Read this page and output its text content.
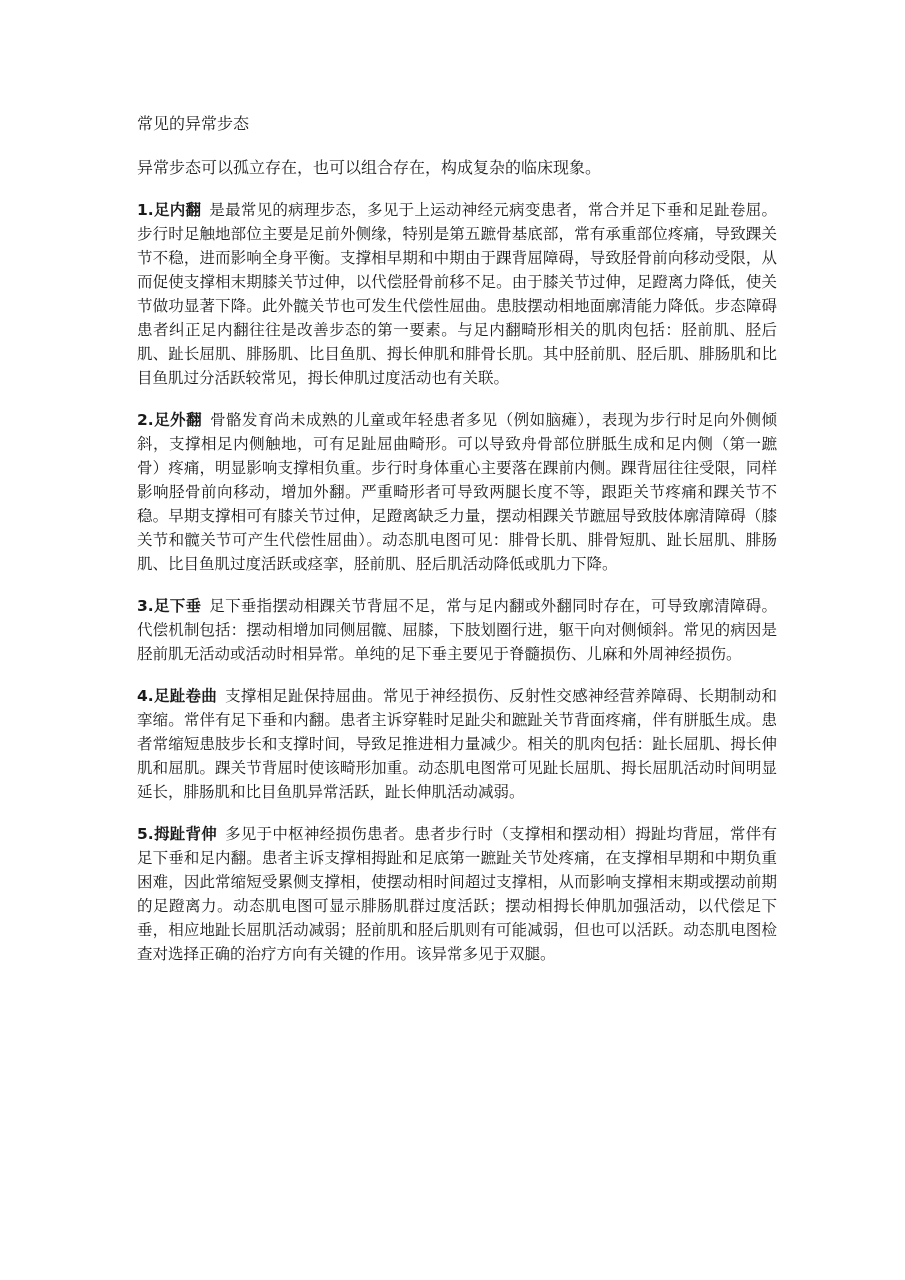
常见的异常步态

异常步态可以孤立存在，也可以组合存在，构成复杂的临床现象。

1.足内翻 是最常见的病理步态，多见于上运动神经元病变患者，常合并足下垂和足趾卷屈。步行时足触地部位主要是足前外侧缘，特别是第五蹠骨基底部，常有承重部位疼痛，导致踝关节不稳，进而影响全身平衡。支撑相早期和中期由于踝背屈障碍，导致胫骨前向移动受限，从而促使支撑相末期膝关节过伸，以代偿胫骨前移不足。由于膝关节过伸，足蹬离力降低，使关节做功显著下降。此外髋关节也可发生代偿性屈曲。患肢摆动相地面廓清能力降低。步态障碍患者纠正足内翻往往是改善步态的第一要素。与足内翻畸形相关的肌肉包括：胫前肌、胫后肌、趾长屈肌、腓肠肌、比目鱼肌、拇长伸肌和腓骨长肌。其中胫前肌、胫后肌、腓肠肌和比目鱼肌过分活跃较常见，拇长伸肌过度活动也有关联。

2.足外翻 骨骼发育尚未成熟的儿童或年轻患者多见（例如脑瘫），表现为步行时足向外侧倾斜，支撑相足内侧触地，可有足趾屈曲畸形。可以导致舟骨部位胼胝生成和足内侧（第一蹠骨）疼痛，明显影响支撑相负重。步行时身体重心主要落在踝前内侧。踝背屈往往受限，同样影响胫骨前向移动，增加外翻。严重畸形者可导致两腿长度不等，跟距关节疼痛和踝关节不稳。早期支撑相可有膝关节过伸，足蹬离缺乏力量，摆动相踝关节蹠屈导致肢体廓清障碍（膝关节和髋关节可产生代偿性屈曲）。动态肌电图可见：腓骨长肌、腓骨短肌、趾长屈肌、腓肠肌、比目鱼肌过度活跃或痉挛，胫前肌、胫后肌活动降低或肌力下降。

3.足下垂 足下垂指摆动相踝关节背屈不足，常与足内翻或外翻同时存在，可导致廓清障碍。代偿机制包括：摆动相增加同侧屈髋、屈膝，下肢划圈行进，躯干向对侧倾斜。常见的病因是胫前肌无活动或活动时相异常。单纯的足下垂主要见于脊髓损伤、儿麻和外周神经损伤。

4.足趾卷曲 支撑相足趾保持屈曲。常见于神经损伤、反射性交感神经营养障碍、长期制动和挛缩。常伴有足下垂和内翻。患者主诉穿鞋时足趾尖和蹠趾关节背面疼痛，伴有胼胝生成。患者常缩短患肢步长和支撑时间，导致足推进相力量减少。相关的肌肉包括：趾长屈肌、拇长伸肌和屈肌。踝关节背屈时使该畸形加重。动态肌电图常可见趾长屈肌、拇长屈肌活动时间明显延长，腓肠肌和比目鱼肌异常活跃，趾长伸肌活动减弱。

5.拇趾背伸 多见于中枢神经损伤患者。患者步行时（支撑相和摆动相）拇趾均背屈，常伴有足下垂和足内翻。患者主诉支撑相拇趾和足底第一蹠趾关节处疼痛，在支撑相早期和中期负重困难，因此常缩短受累侧支撑相，使摆动相时间超过支撑相，从而影响支撑相末期或摆动前期的足蹬离力。动态肌电图可显示腓肠肌群过度活跃；摆动相拇长伸肌加强活动，以代偿足下垂，相应地趾长屈肌活动减弱；胫前肌和胫后肌则有可能减弱，但也可以活跃。动态肌电图检查对选择正确的治疗方向有关键的作用。该异常多见于双腿。
